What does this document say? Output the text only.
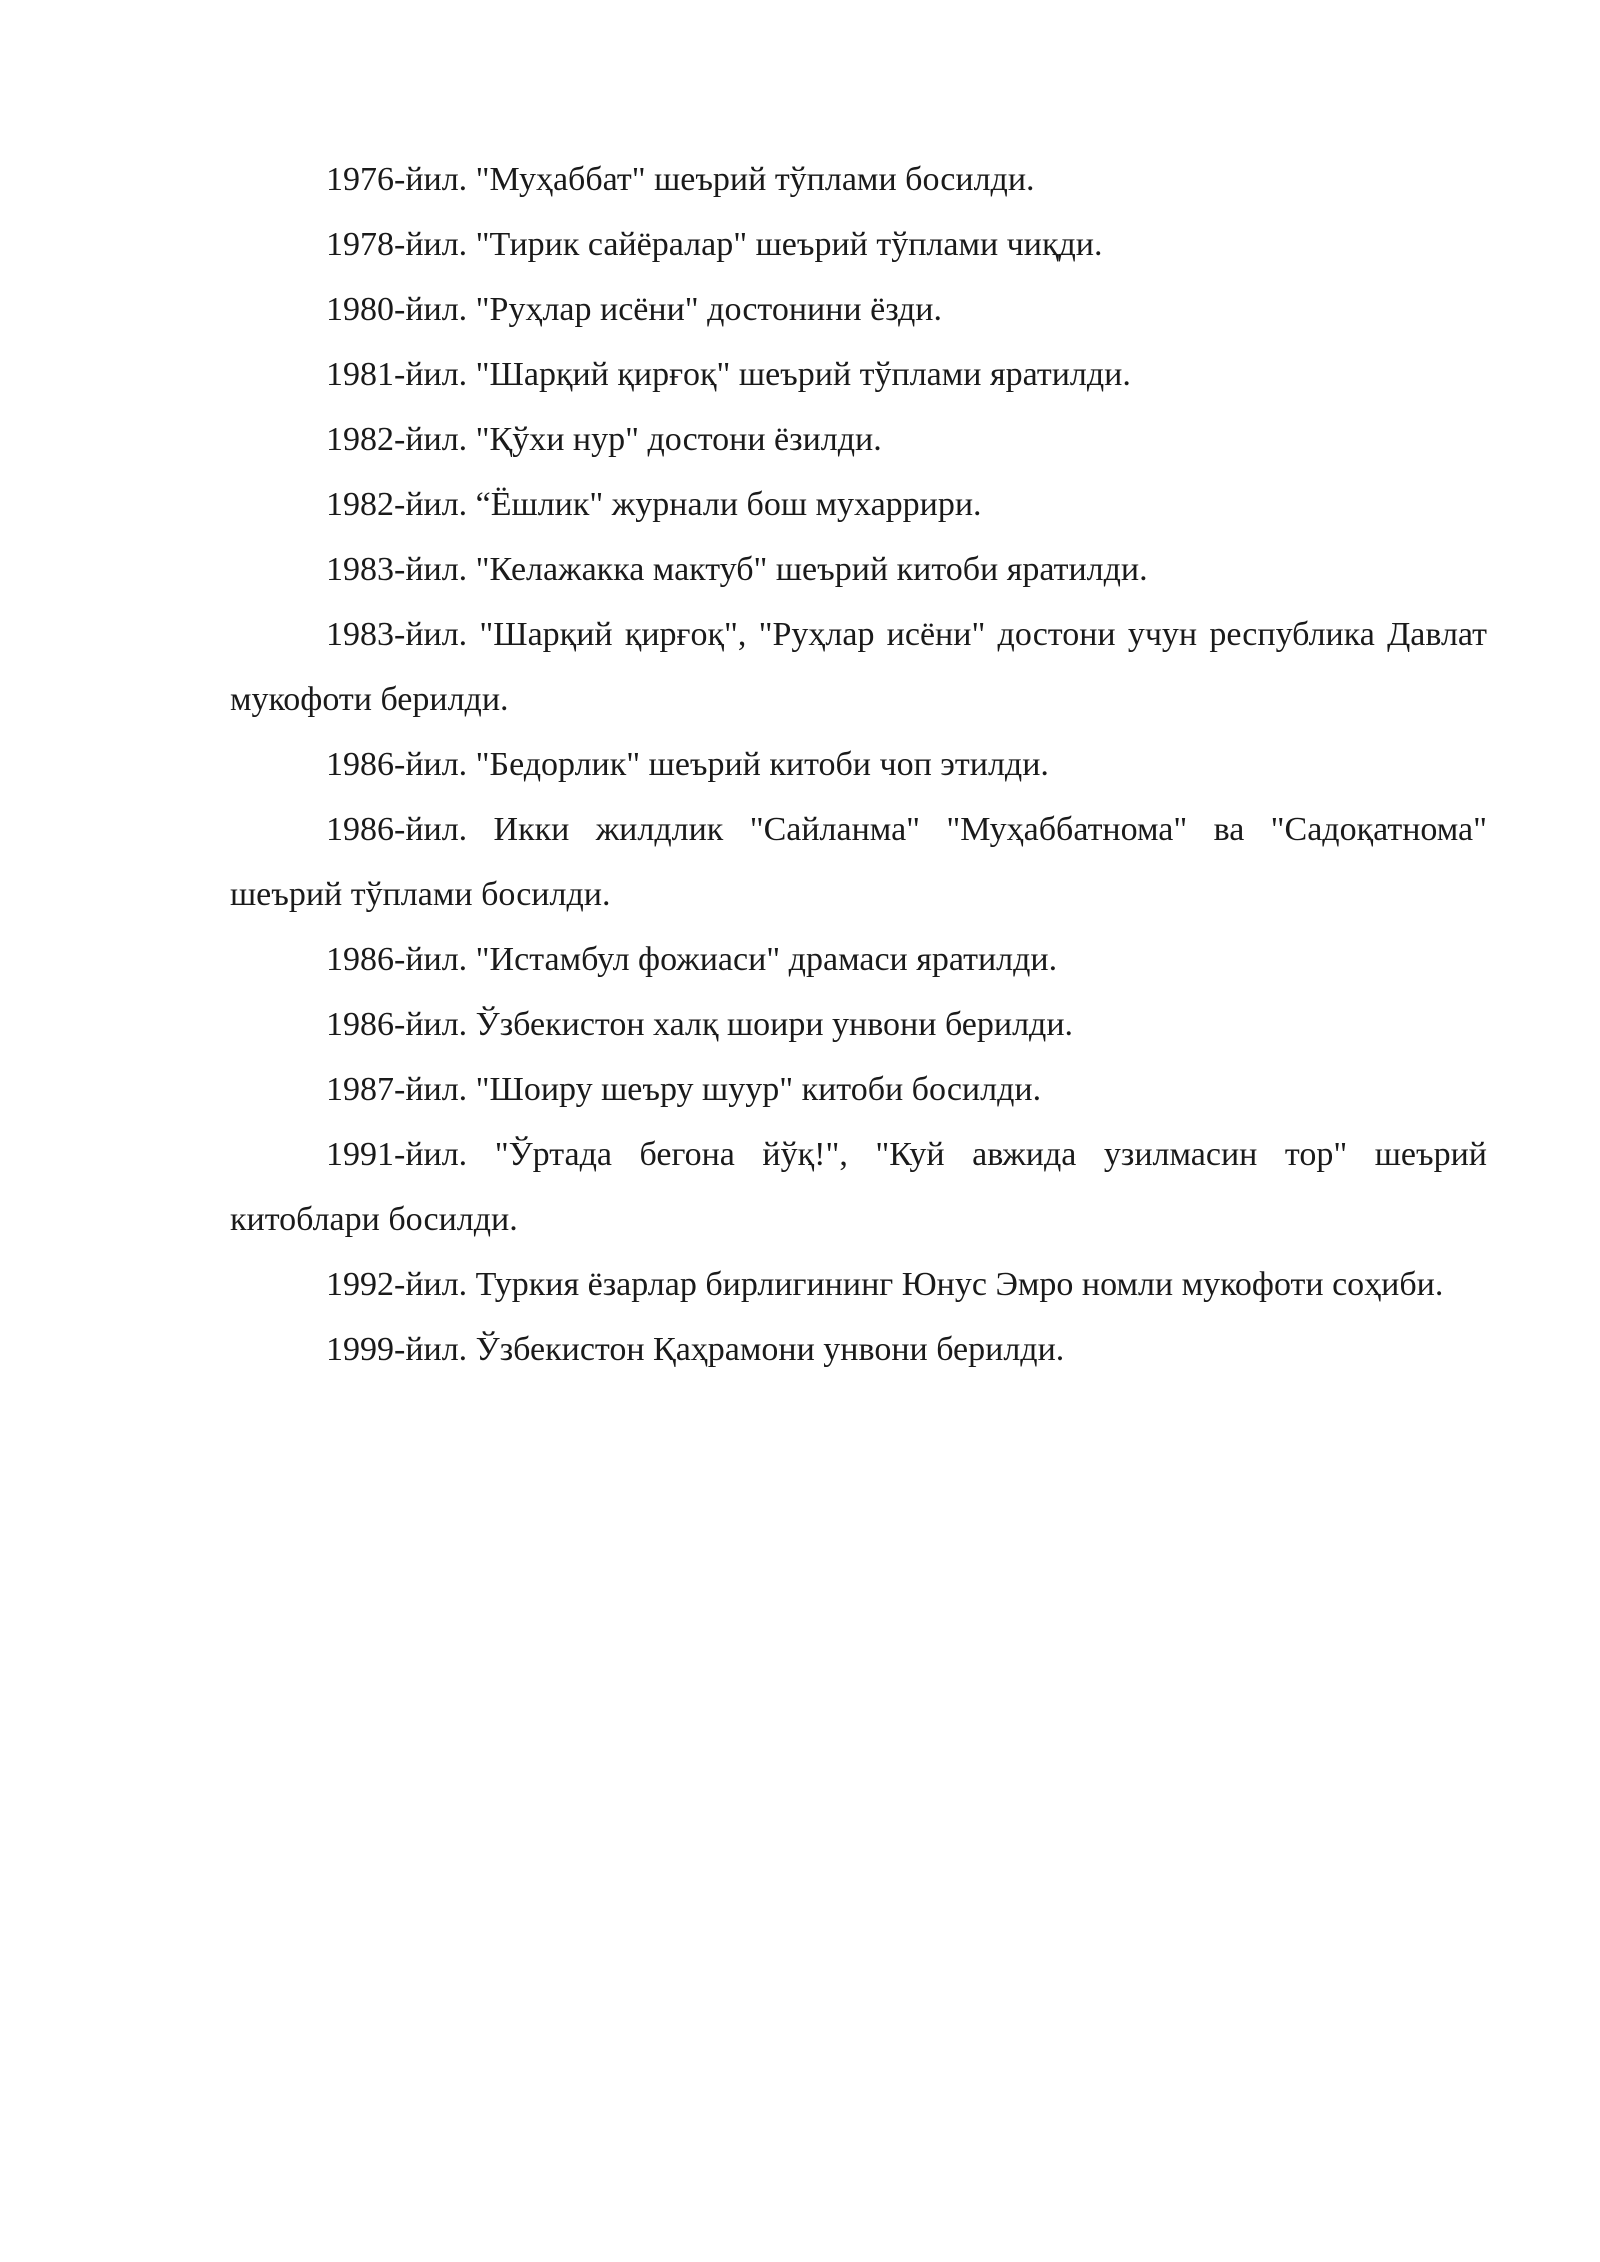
1976-йил. "Муҳаббат" шеърий тўплами босилди.

1978-йил. "Тирик сайёралар" шеърий тўплами чиқди.

1980-йил. "Руҳлар исёни" достонини ёзди.

1981-йил. "Шарқий қирғоқ" шеърий тўплами яратилди.

1982-йил. "Қўхи нур" достони ёзилди.

1982-йил. “Ёшлик" журнали бош мухаррири.

1983-йил. "Келажакка мактуб" шеърий китоби яратилди.

1983-йил. "Шарқий қирғоқ", "Руҳлар исёни" достони учун республика Давлат мукофоти берилди.

1986-йил. "Бедорлик" шеърий китоби чоп этилди.

1986-йил. Икки жилдлик "Сайланма" "Муҳаббатнома" ва "Садоқатнома" шеърий тўплами босилди.

1986-йил. "Истамбул фожиаси" драмаси яратилди.

1986-йил. Ўзбекистон халқ шоири унвони берилди.

1987-йил. "Шоиру шеъру шуур" китоби босилди.

1991-йил. "Ўртада бегона йўқ!", "Куй авжида узилмасин тор" шеърий китоблари босилди.

1992-йил. Туркия ёзарлар бирлигининг Юнус Эмро номли мукофоти соҳиби.

1999-йил. Ўзбекистон Қаҳрамони унвони берилди.
